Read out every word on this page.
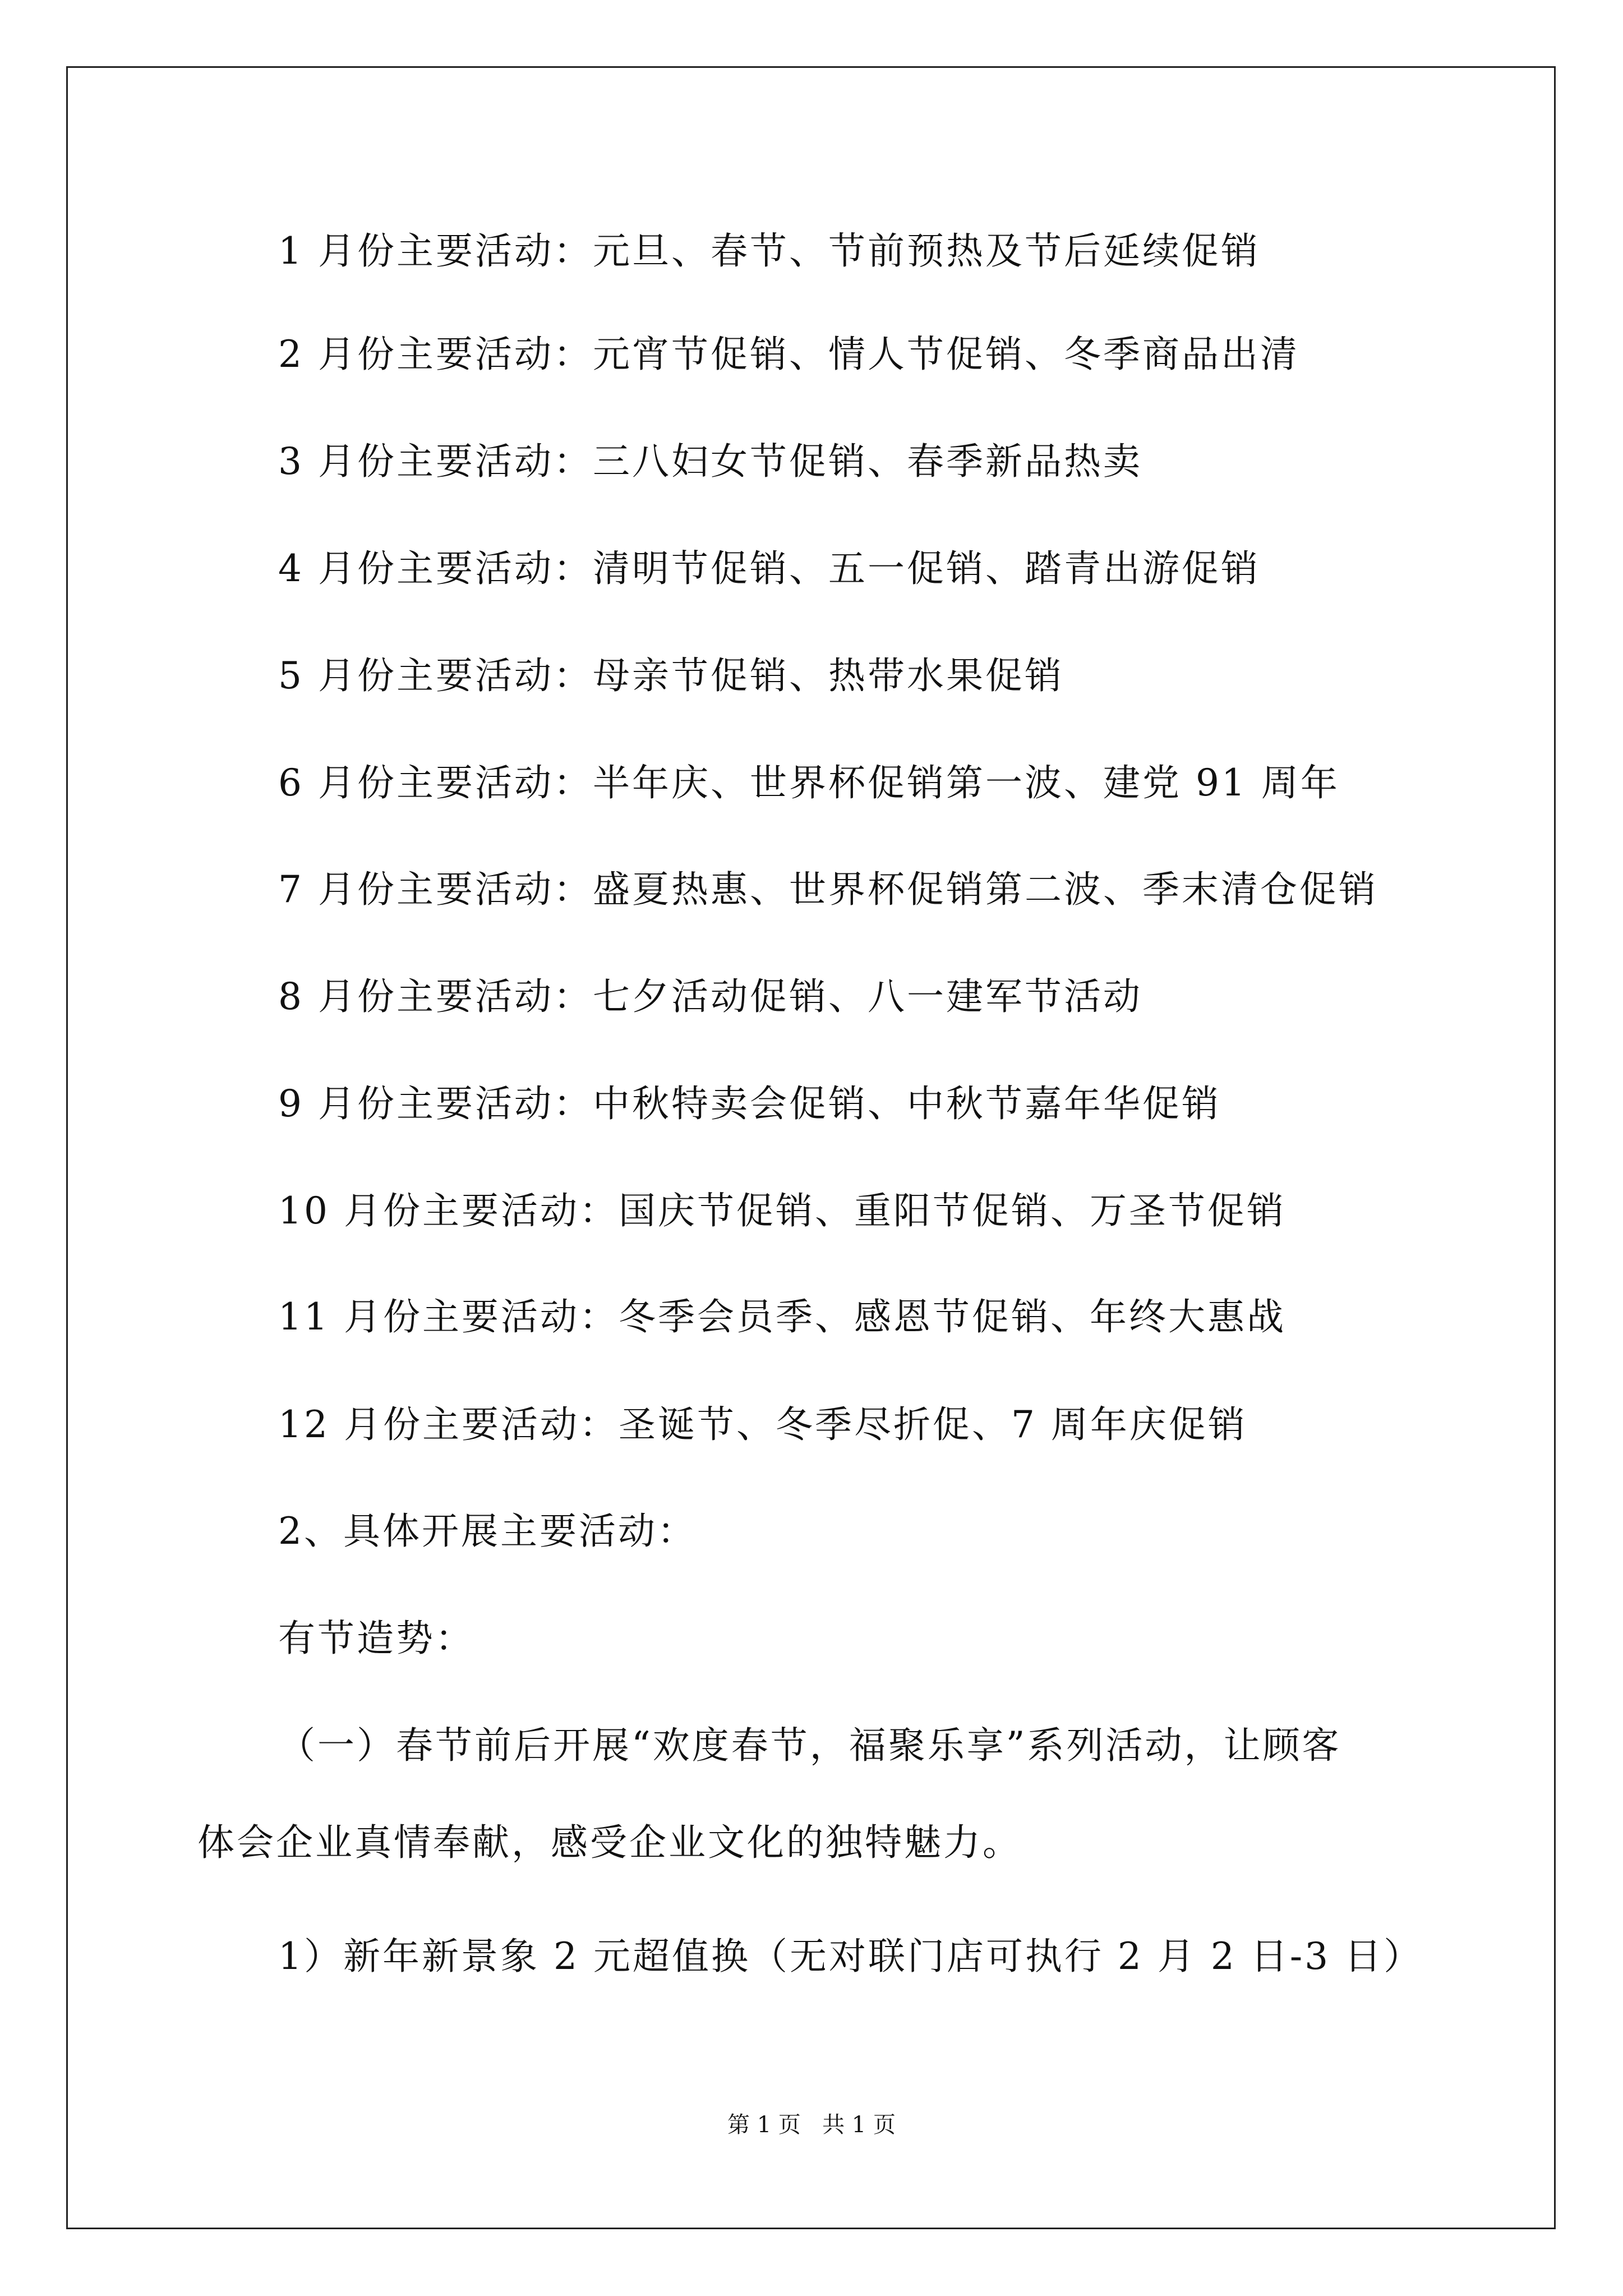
1 月份主要活动：元旦、春节、节前预热及节后延续促销
2 月份主要活动：元宵节促销、情人节促销、冬季商品出清
3 月份主要活动：三八妇女节促销、春季新品热卖
4 月份主要活动：清明节促销、五一促销、踏青出游促销
5 月份主要活动：母亲节促销、热带水果促销
6 月份主要活动：半年庆、世界杯促销第一波、建党 91 周年
7 月份主要活动：盛夏热惠、世界杯促销第二波、季末清仓促销
8 月份主要活动：七夕活动促销、八一建军节活动
9 月份主要活动：中秋特卖会促销、中秋节嘉年华促销
10 月份主要活动：国庆节促销、重阳节促销、万圣节促销
11 月份主要活动：冬季会员季、感恩节促销、年终大惠战
12 月份主要活动：圣诞节、冬季尽折促、7 周年庆促销
2、具体开展主要活动：
有节造势：
（一）春节前后开展“欢度春节，福聚乐享”系列活动，让顾客
体会企业真情奉献，感受企业文化的独特魅力。
1）新年新景象 2 元超值换（无对联门店可执行 2 月 2 日-3 日）
第 1 页   共 1 页
